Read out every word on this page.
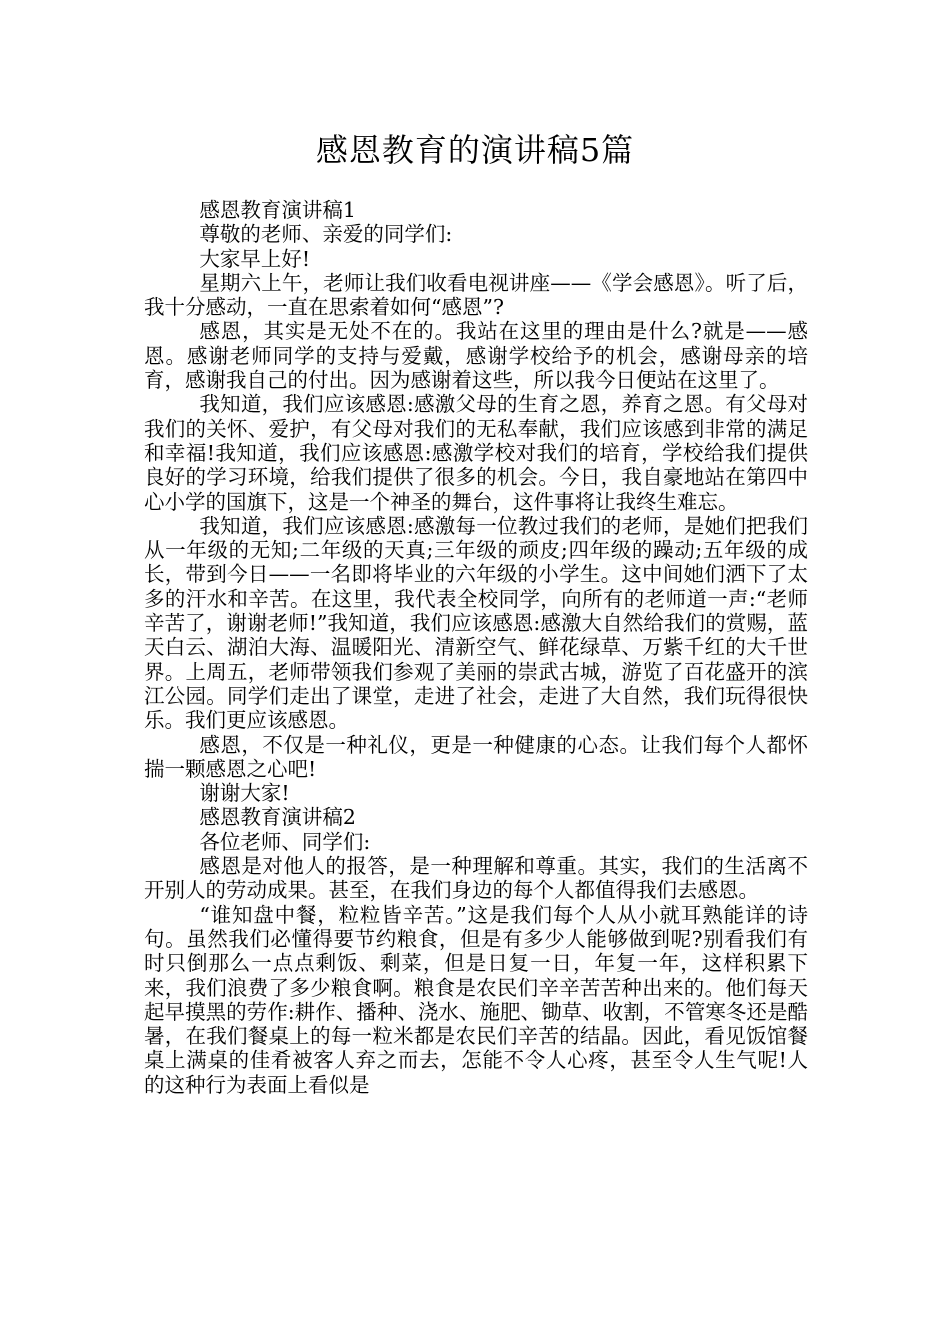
感恩教育的演讲稿5篇

感恩教育演讲稿1

尊敬的老师、亲爱的同学们:

大家早上好!

星期六上午，老师让我们收看电视讲座——《学会感恩》。听了后，我十分感动，一直在思索着如何“感恩”?

感恩，其实是无处不在的。我站在这里的理由是什么?就是——感恩。感谢老师同学的支持与爱戴，感谢学校给予的机会，感谢母亲的培育，感谢我自己的付出。因为感谢着这些，所以我今日便站在这里了。

我知道，我们应该感恩:感激父母的生育之恩，养育之恩。有父母对我们的关怀、爱护，有父母对我们的无私奉献，我们应该感到非常的满足和幸福!我知道，我们应该感恩:感激学校对我们的培育，学校给我们提供良好的学习环境，给我们提供了很多的机会。今日，我自豪地站在第四中心小学的国旗下，这是一个神圣的舞台，这件事将让我终生难忘。

我知道，我们应该感恩:感激每一位教过我们的老师，是她们把我们从一年级的无知;二年级的天真;三年级的顽皮;四年级的躁动;五年级的成长，带到今日——一名即将毕业的六年级的小学生。这中间她们洒下了太多的汗水和辛苦。在这里，我代表全校同学，向所有的老师道一声:“老师辛苦了，谢谢老师!”我知道，我们应该感恩:感激大自然给我们的赏赐，蓝天白云、湖泊大海、温暖阳光、清新空气、鲜花绿草、万紫千红的大千世界。上周五，老师带领我们参观了美丽的崇武古城，游览了百花盛开的滨江公园。同学们走出了课堂，走进了社会，走进了大自然，我们玩得很快乐。我们更应该感恩。

感恩，不仅是一种礼仪，更是一种健康的心态。让我们每个人都怀揣一颗感恩之心吧!

谢谢大家!

感恩教育演讲稿2

各位老师、同学们:

感恩是对他人的报答，是一种理解和尊重。其实，我们的生活离不开别人的劳动成果。甚至，在我们身边的每个人都值得我们去感恩。

“谁知盘中餐，粒粒皆辛苦。”这是我们每个人从小就耳熟能详的诗句。虽然我们必懂得要节约粮食，但是有多少人能够做到呢?别看我们有时只倒那么一点点剩饭、剩菜，但是日复一日，年复一年，这样积累下来，我们浪费了多少粮食啊。粮食是农民们辛辛苦苦种出来的。他们每天起早摸黑的劳作:耕作、播种、浇水、施肥、锄草、收割，不管寒冬还是酷暑，在我们餐桌上的每一粒米都是农民们辛苦的结晶。因此，看见饭馆餐桌上满桌的佳肴被客人弃之而去，怎能不令人心疼，甚至令人生气呢!人的这种行为表面上看似是
